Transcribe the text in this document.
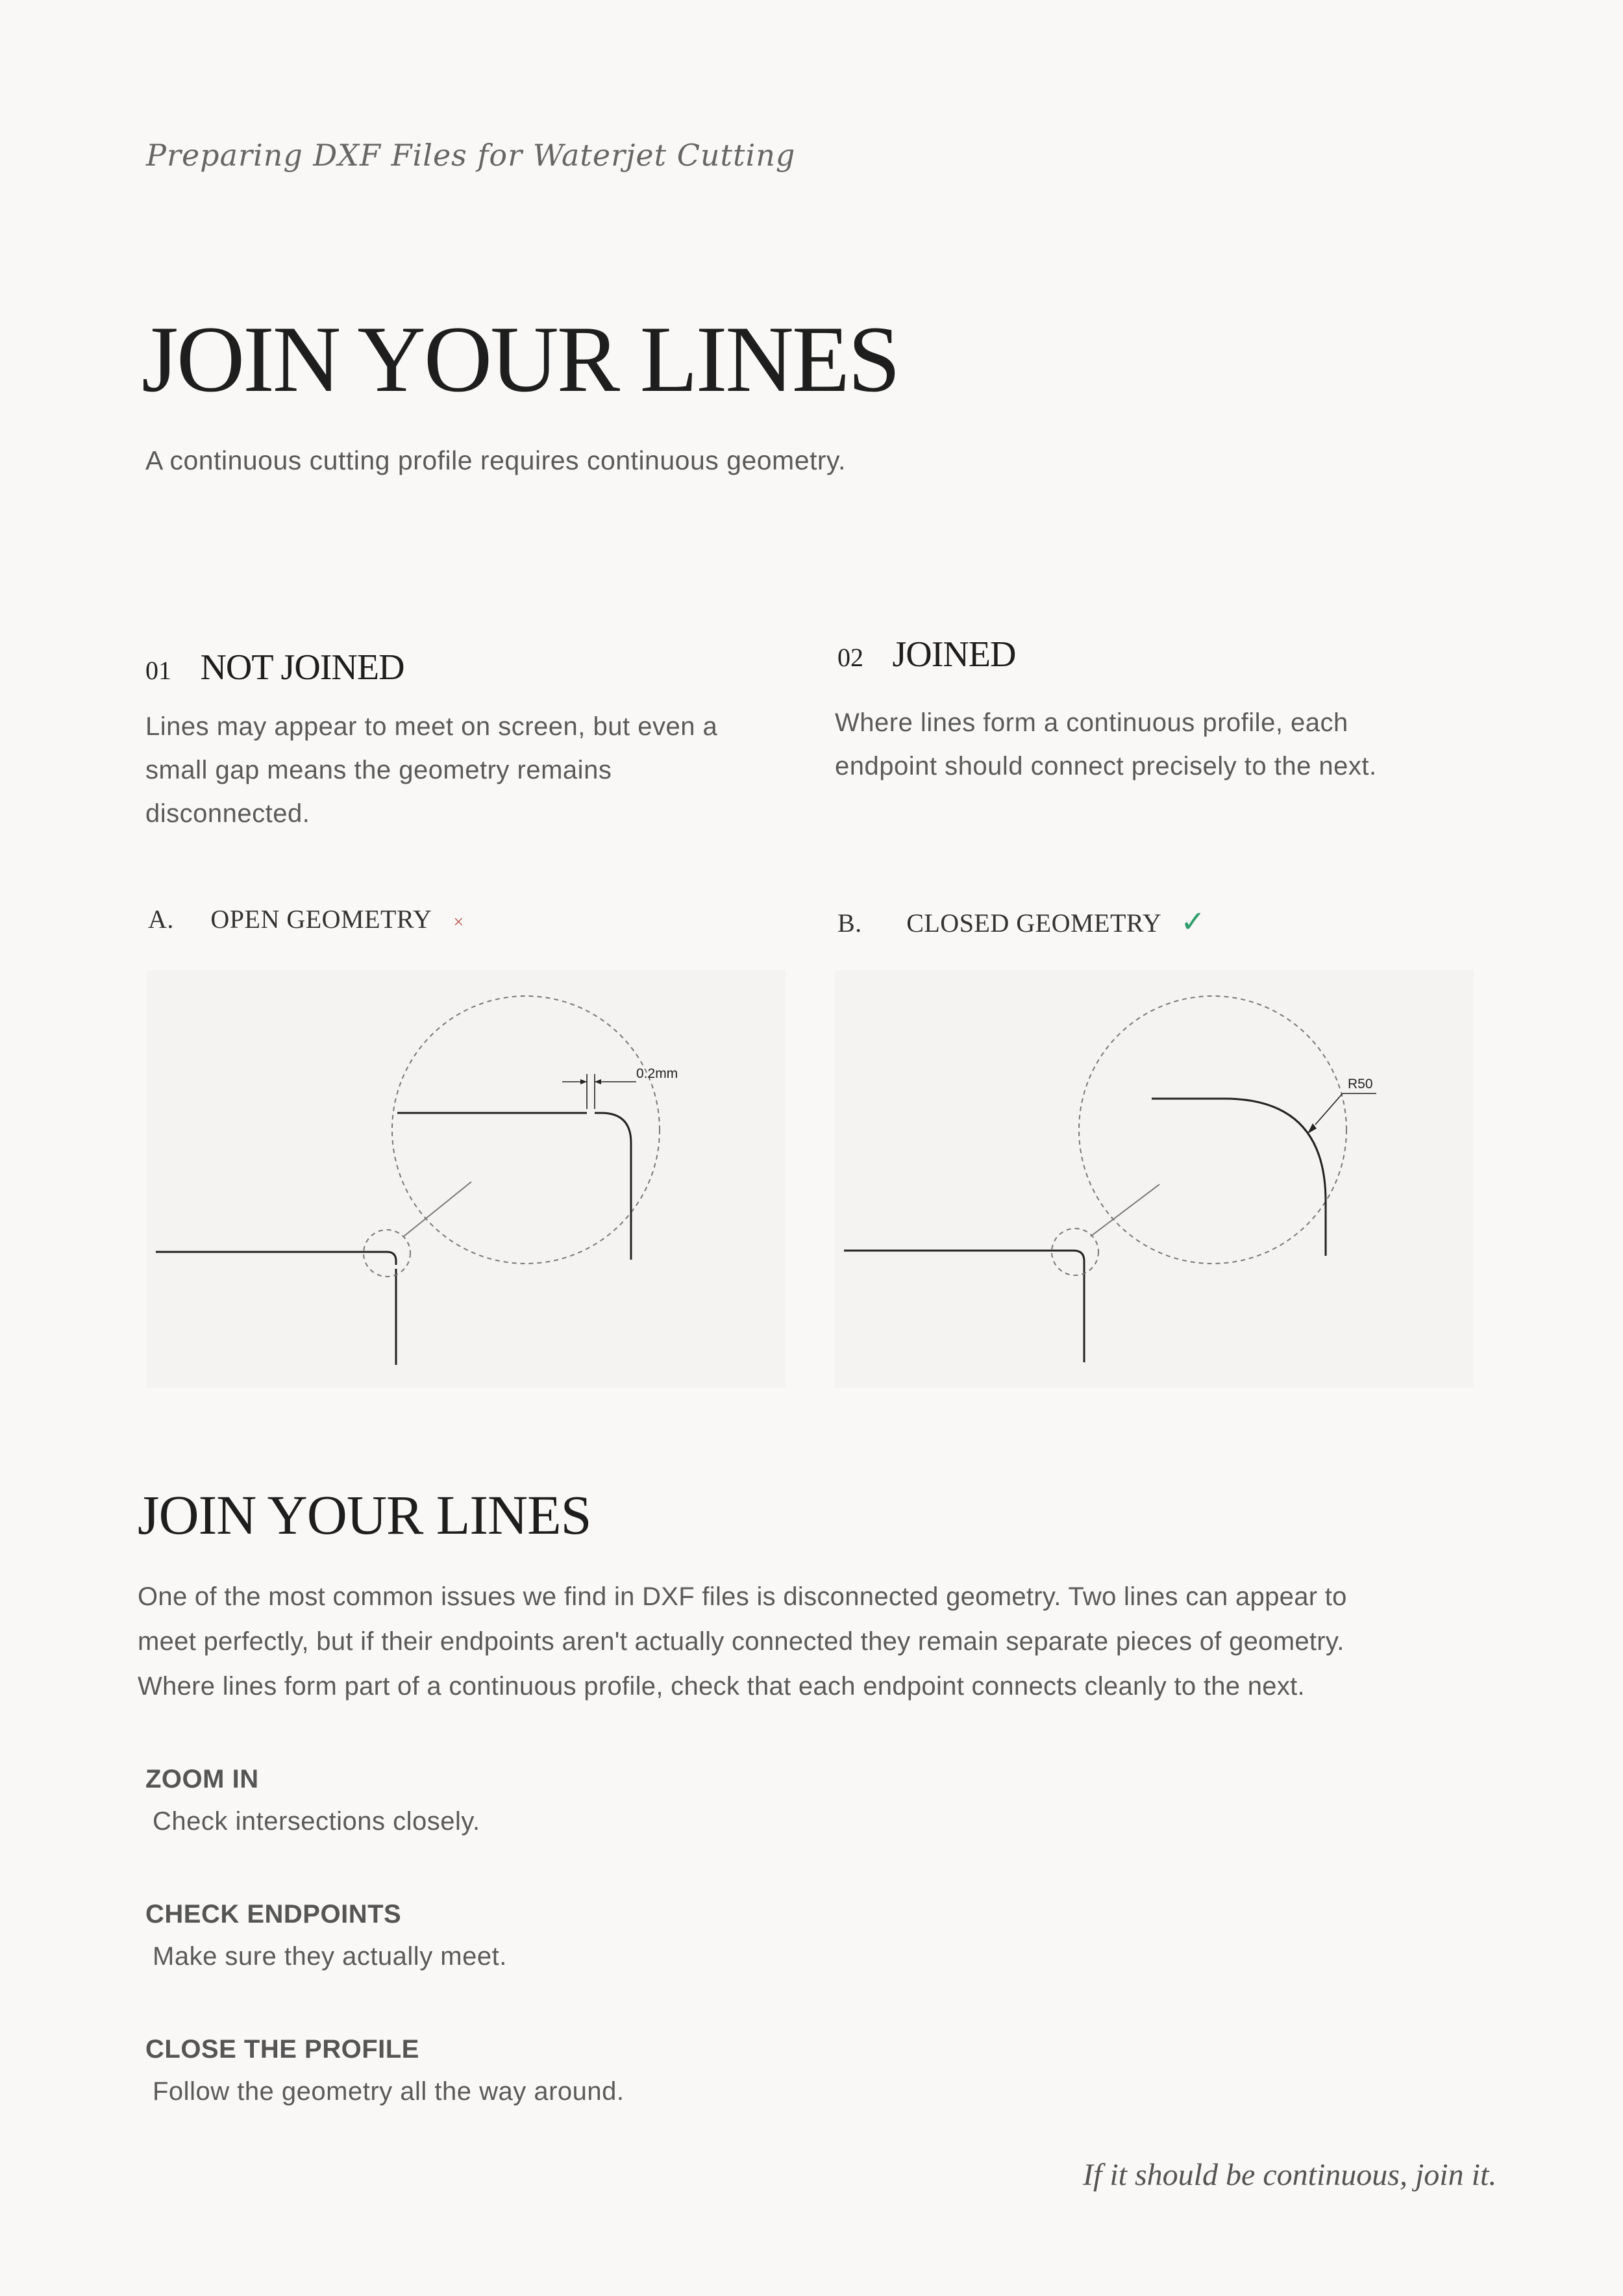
Preparing DXF Files for Waterjet Cutting
JOIN YOUR LINES
A continuous cutting profile requires continuous geometry.
01 NOT JOINED
Lines may appear to meet on screen, but even a
small gap means the geometry remains
disconnected.
02 JOINED
Where lines form a continuous profile, each
endpoint should connect precisely to the next.
A. OPEN GEOMETRY ×	B. CLOSED GEOMETRY ✓
0.2mm
R50
JOIN YOUR LINES
One of the most common issues we find in DXF files is disconnected geometry. Two lines can appear to
meet perfectly, but if their endpoints aren't actually connected they remain separate pieces of geometry.
Where lines form part of a continuous profile, check that each endpoint connects cleanly to the next.
ZOOM IN
Check intersections closely.
CHECK ENDPOINTS
Make sure they actually meet.
CLOSE THE PROFILE
Follow the geometry all the way around.
If it should be continuous, join it.
